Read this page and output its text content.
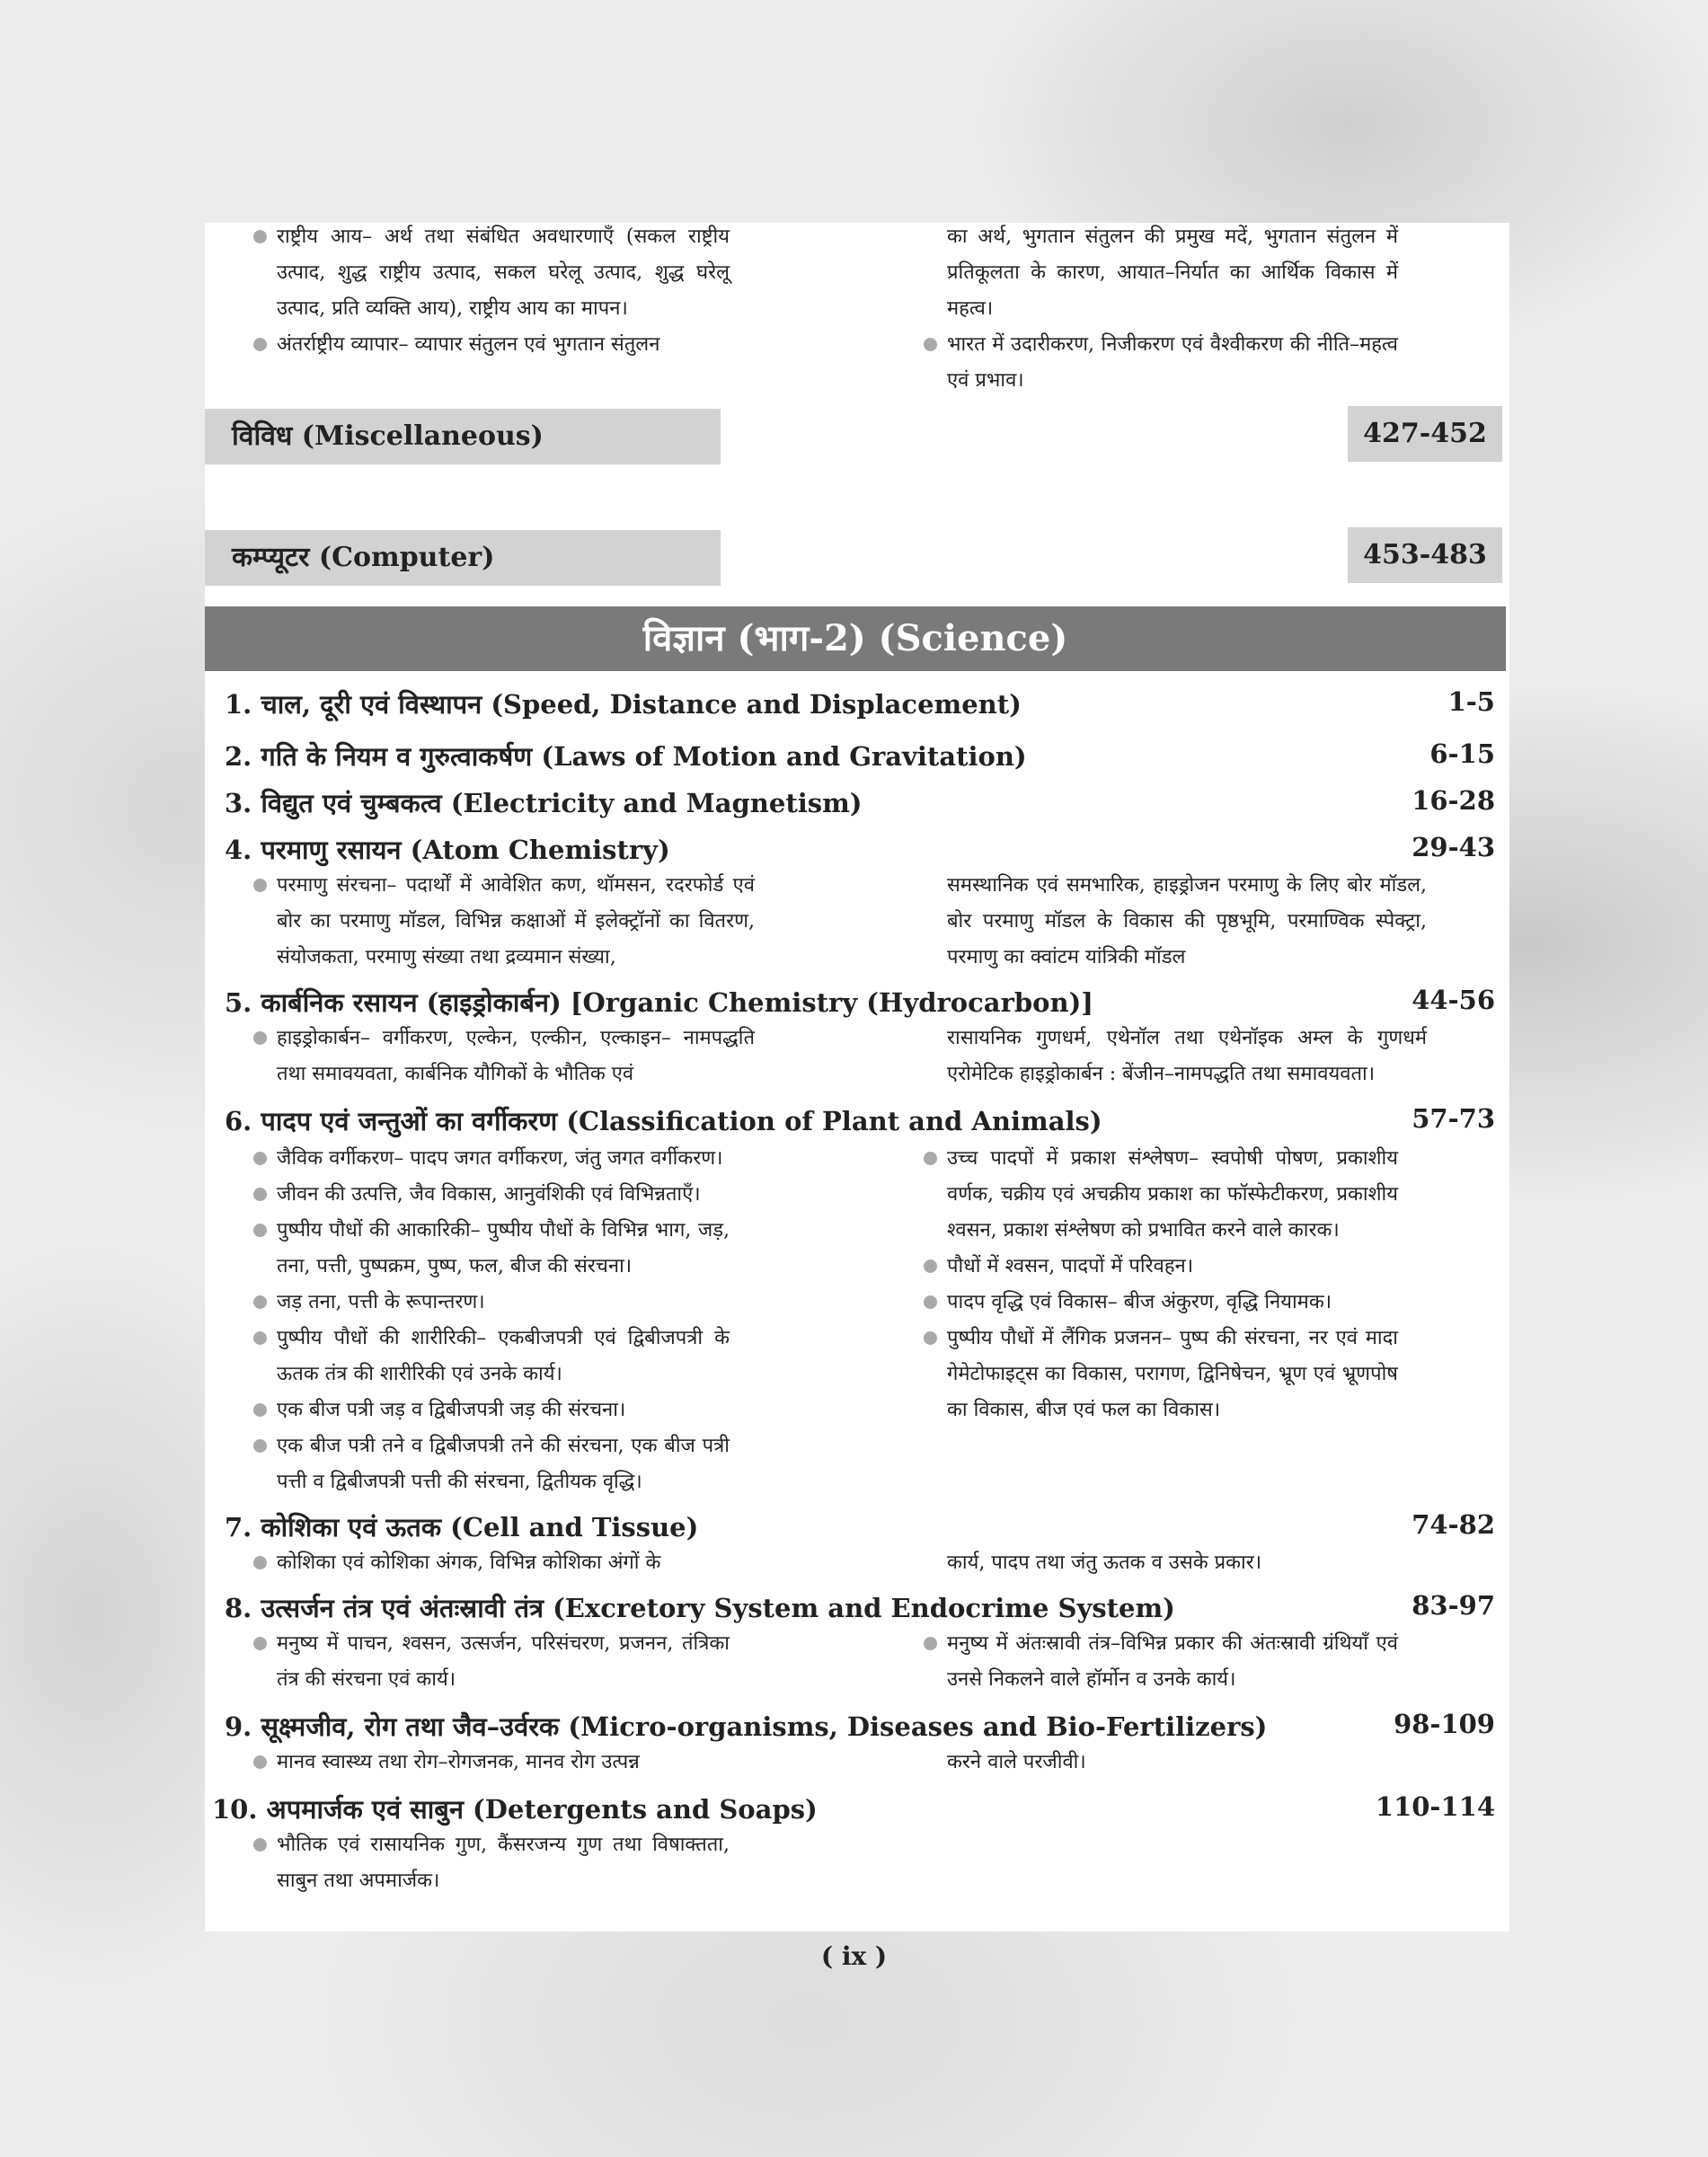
राष्ट्रीय आय– अर्थ तथा संबंधित अवधारणाएँ (सकल राष्ट्रीय उत्पाद, शुद्ध राष्ट्रीय उत्पाद, सकल घरेलू उत्पाद, शुद्ध घरेलू उत्पाद, प्रति व्यक्ति आय), राष्ट्रीय आय का मापन।
अंतर्राष्ट्रीय व्यापार– व्यापार संतुलन एवं भुगतान संतुलन
का अर्थ, भुगतान संतुलन की प्रमुख मदें, भुगतान संतुलन में प्रतिकूलता के कारण, आयात–निर्यात का आर्थिक विकास में महत्व।
भारत में उदारीकरण, निजीकरण एवं वैश्वीकरण की नीति–महत्व एवं प्रभाव।
विविध (Miscellaneous)	427-452
कम्प्यूटर (Computer)	453-483
विज्ञान (भाग-2) (Science)
1. चाल, दूरी एवं विस्थापन (Speed, Distance and Displacement)	1-5
2. गति के नियम व गुरुत्वाकर्षण (Laws of Motion and Gravitation)	6-15
3. विद्युत एवं चुम्बकत्व (Electricity and Magnetism)	16-28
4. परमाणु रसायन (Atom Chemistry)	29-43
परमाणु संरचना– पदार्थों में आवेशित कण, थॉमसन, रदरफोर्ड एवं बोर का परमाणु मॉडल, विभिन्न कक्षाओं में इलेक्ट्रॉनों का वितरण, संयोजकता, परमाणु संख्या तथा द्रव्यमान संख्या,
समस्थानिक एवं समभारिक, हाइड्रोजन परमाणु के लिए बोर मॉडल, बोर परमाणु मॉडल के विकास की पृष्ठभूमि, परमाण्विक स्पेक्ट्रा, परमाणु का क्वांटम यांत्रिकी मॉडल
5. कार्बनिक रसायन (हाइड्रोकार्बन) [Organic Chemistry (Hydrocarbon)]	44-56
हाइड्रोकार्बन– वर्गीकरण, एल्केन, एल्कीन, एल्काइन– नामपद्धति तथा समावयवता, कार्बनिक यौगिकों के भौतिक एवं
रासायनिक गुणधर्म, एथेनॉल तथा एथेनॉइक अम्ल के गुणधर्म एरोमेटिक हाइड्रोकार्बन : बेंजीन–नामपद्धति तथा समावयवता।
6. पादप एवं जन्तुओं का वर्गीकरण (Classification of Plant and Animals)	57-73
जैविक वर्गीकरण– पादप जगत वर्गीकरण, जंतु जगत वर्गीकरण।
जीवन की उत्पत्ति, जैव विकास, आनुवंशिकी एवं विभिन्नताएँ।
पुष्पीय पौधों की आकारिकी– पुष्पीय पौधों के विभिन्न भाग, जड़, तना, पत्ती, पुष्पक्रम, पुष्प, फल, बीज की संरचना।
जड़ तना, पत्ती के रूपान्तरण।
पुष्पीय पौधों की शारीरिकी– एकबीजपत्री एवं द्विबीजपत्री के ऊतक तंत्र की शारीरिकी एवं उनके कार्य।
एक बीज पत्री जड़ व द्विबीजपत्री जड़ की संरचना।
एक बीज पत्री तने व द्विबीजपत्री तने की संरचना, एक बीज पत्री पत्ती व द्विबीजपत्री पत्ती की संरचना, द्वितीयक वृद्धि।
उच्च पादपों में प्रकाश संश्लेषण– स्वपोषी पोषण, प्रकाशीय वर्णक, चक्रीय एवं अचक्रीय प्रकाश का फॉस्फेटीकरण, प्रकाशीय श्वसन, प्रकाश संश्लेषण को प्रभावित करने वाले कारक।
पौधों में श्वसन, पादपों में परिवहन।
पादप वृद्धि एवं विकास– बीज अंकुरण, वृद्धि नियामक।
पुष्पीय पौधों में लैंगिक प्रजनन– पुष्प की संरचना, नर एवं मादा गेमेटोफाइट्स का विकास, परागण, द्विनिषेचन, भ्रूण एवं भ्रूणपोष का विकास, बीज एवं फल का विकास।
7. कोशिका एवं ऊतक (Cell and Tissue)	74-82
कोशिका एवं कोशिका अंगक, विभिन्न कोशिका अंगों के	कार्य, पादप तथा जंतु ऊतक व उसके प्रकार।
8. उत्सर्जन तंत्र एवं अंतःस्रावी तंत्र (Excretory System and Endocrime System)	83-97
मनुष्य में पाचन, श्वसन, उत्सर्जन, परिसंचरण, प्रजनन, तंत्रिका तंत्र की संरचना एवं कार्य।
मनुष्य में अंतःस्रावी तंत्र–विभिन्न प्रकार की अंतःस्रावी ग्रंथियाँ एवं उनसे निकलने वाले हॉर्मोन व उनके कार्य।
9. सूक्ष्मजीव, रोग तथा जैव–उर्वरक (Micro-organisms, Diseases and Bio-Fertilizers)	98-109
मानव स्वास्थ्य तथा रोग–रोगजनक, मानव रोग उत्पन्न	करने वाले परजीवी।
10. अपमार्जक एवं साबुन (Detergents and Soaps)	110-114
भौतिक एवं रासायनिक गुण, कैंसरजन्य गुण तथा विषाक्तता, साबुन तथा अपमार्जक।
( ix )
